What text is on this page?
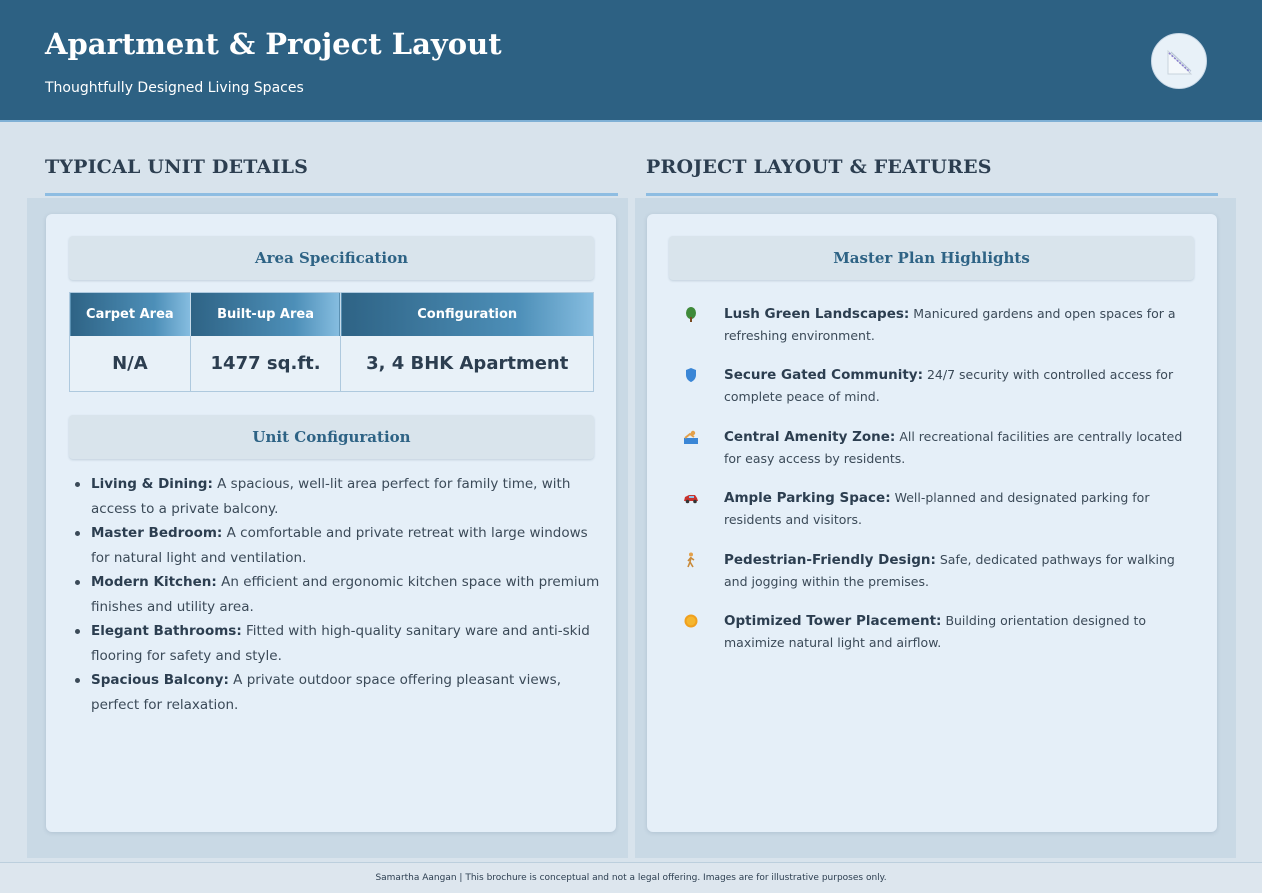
Apartment & Project Layout
Thoughtfully Designed Living Spaces
TYPICAL UNIT DETAILS	PROJECT LAYOUT & FEATURES
Area Specification
Carpet Area	Built-up Area	Configuration
N/A	1477 sq.ft.	3, 4 BHK Apartment
Unit Configuration
Living & Dining: A spacious, well-lit area perfect for family time, with access to a private balcony.
Master Bedroom: A comfortable and private retreat with large windows for natural light and ventilation.
Modern Kitchen: An efficient and ergonomic kitchen space with premium finishes and utility area.
Elegant Bathrooms: Fitted with high-quality sanitary ware and anti-skid flooring for safety and style.
Spacious Balcony: A private outdoor space offering pleasant views, perfect for relaxation.
Master Plan Highlights
Lush Green Landscapes: Manicured gardens and open spaces for a refreshing environment.
Secure Gated Community: 24/7 security with controlled access for complete peace of mind.
Central Amenity Zone: All recreational facilities are centrally located for easy access by residents.
Ample Parking Space: Well-planned and designated parking for residents and visitors.
Pedestrian-Friendly Design: Safe, dedicated pathways for walking and jogging within the premises.
Optimized Tower Placement: Building orientation designed to maximize natural light and airflow.
Samartha Aangan | This brochure is conceptual and not a legal offering. Images are for illustrative purposes only.
